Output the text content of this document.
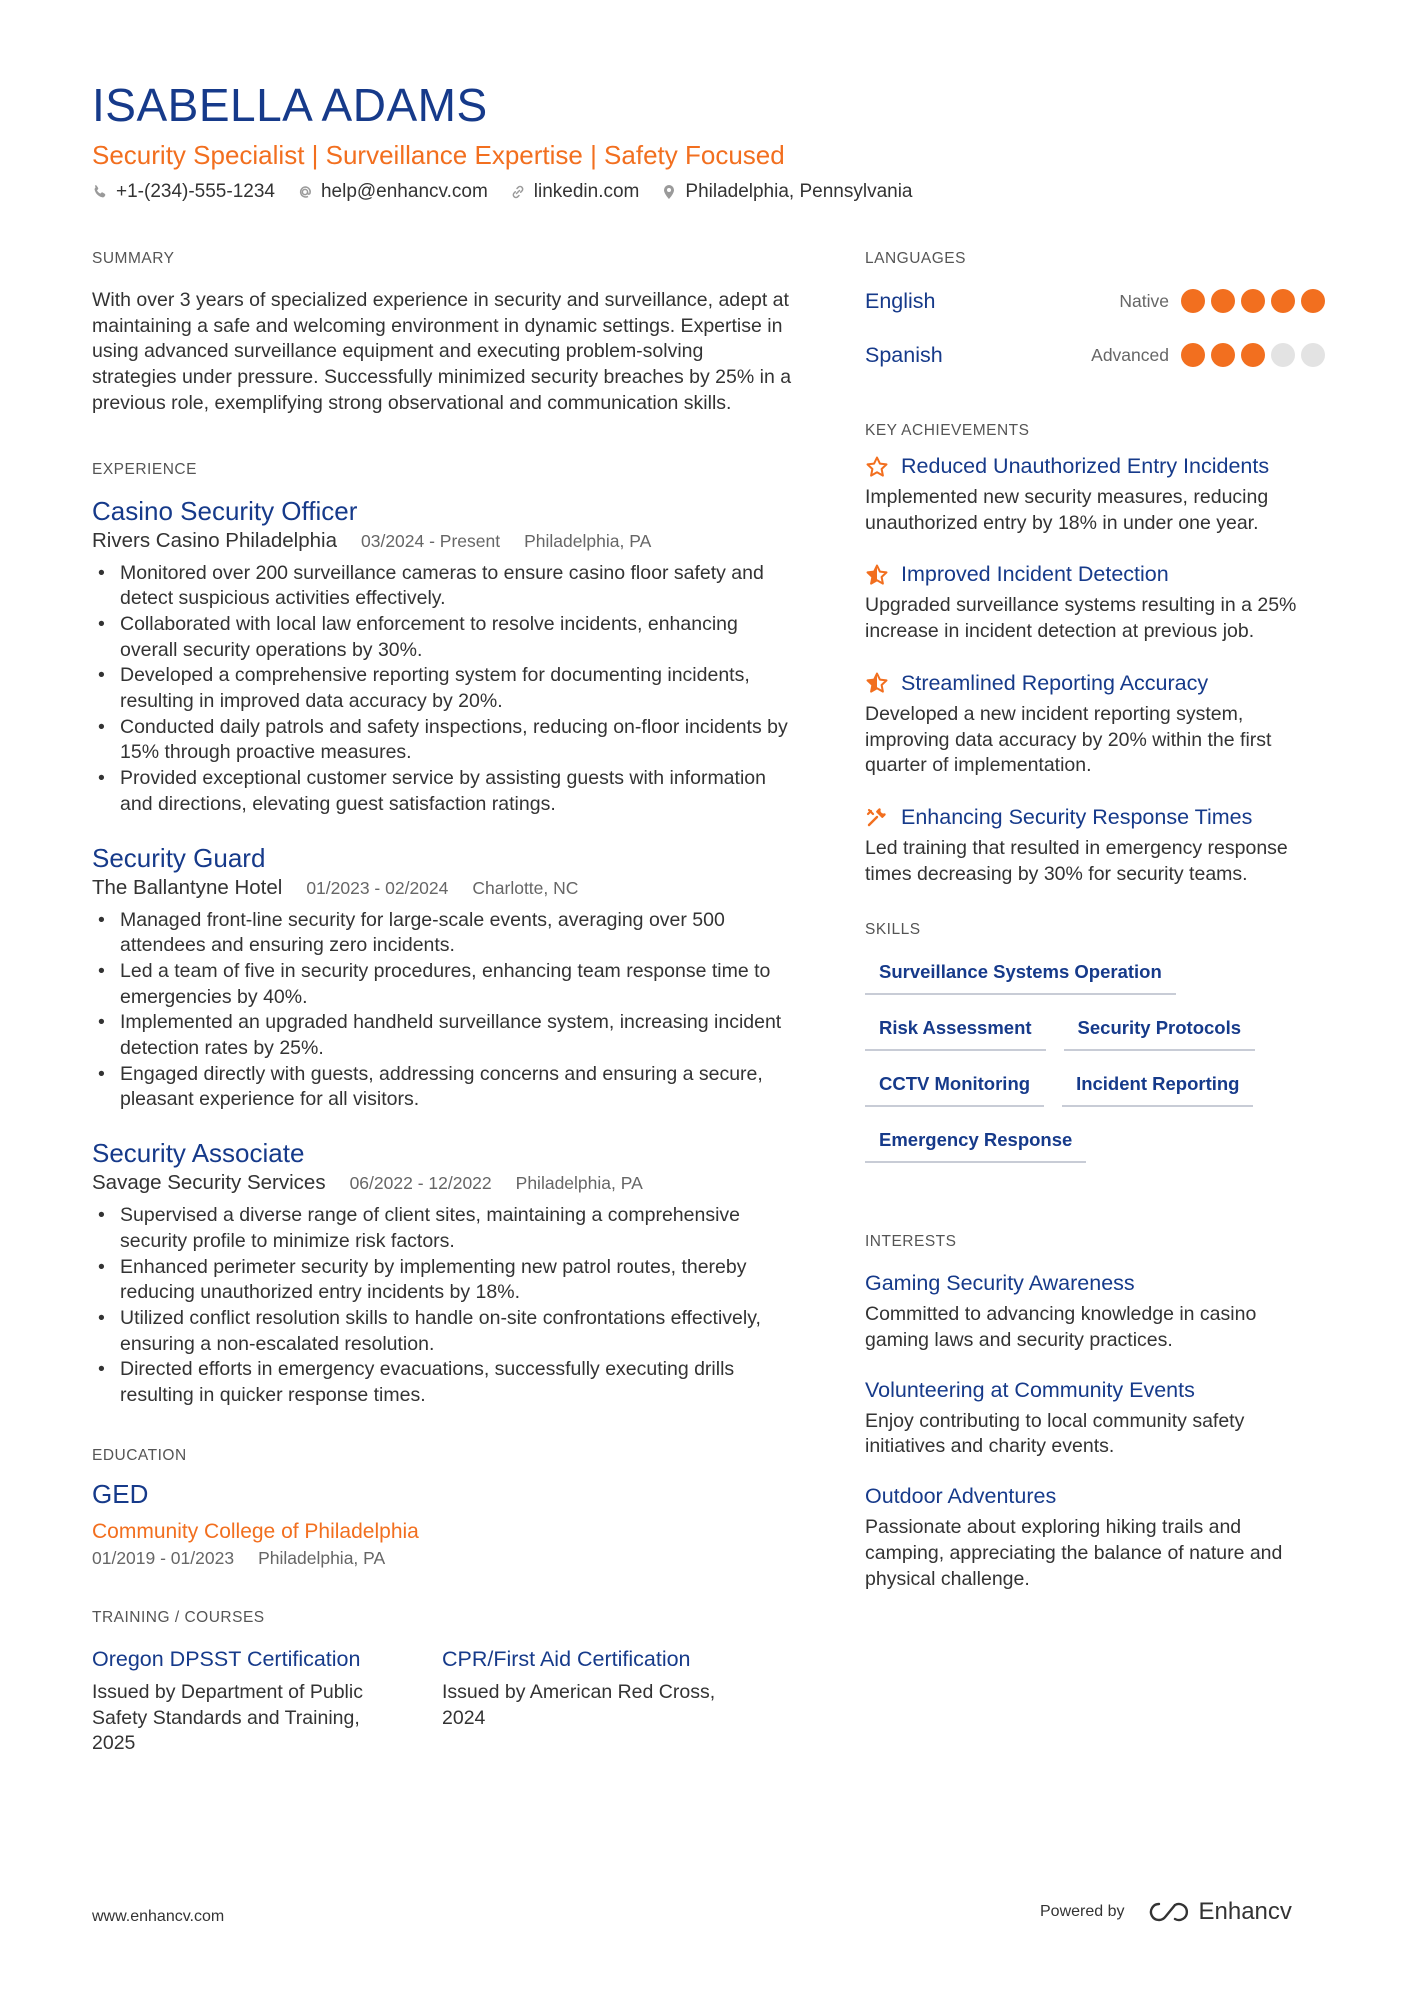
ISABELLA ADAMS
Security Specialist | Surveillance Expertise | Safety Focused
+1-(234)-555-1234 help@enhancv.com linkedin.com Philadelphia, Pennsylvania
SUMMARY

With over 3 years of specialized experience in security and surveillance, adept at maintaining a safe and welcoming environment in dynamic settings. Expertise in using advanced surveillance equipment and executing problem-solving strategies under pressure. Successfully minimized security breaches by 25% in a previous role, exemplifying strong observational and communication skills.

EXPERIENCE
Casino Security Officer
Rivers Casino Philadelphia 03/2024 - Present Philadelphia, PA
• Monitored over 200 surveillance cameras to ensure casino floor safety and detect suspicious activities effectively.
• Collaborated with local law enforcement to resolve incidents, enhancing overall security operations by 30%.
• Developed a comprehensive reporting system for documenting incidents, resulting in improved data accuracy by 20%.
• Conducted daily patrols and safety inspections, reducing on-floor incidents by 15% through proactive measures.
• Provided exceptional customer service by assisting guests with information and directions, elevating guest satisfaction ratings.
Security Guard
The Ballantyne Hotel 01/2023 - 02/2024 Charlotte, NC
• Managed front-line security for large-scale events, averaging over 500 attendees and ensuring zero incidents.
• Led a team of five in security procedures, enhancing team response time to emergencies by 40%.
• Implemented an upgraded handheld surveillance system, increasing incident detection rates by 25%.
• Engaged directly with guests, addressing concerns and ensuring a secure, pleasant experience for all visitors.
Security Associate
Savage Security Services 06/2022 - 12/2022 Philadelphia, PA
• Supervised a diverse range of client sites, maintaining a comprehensive security profile to minimize risk factors.
• Enhanced perimeter security by implementing new patrol routes, thereby reducing unauthorized entry incidents by 18%.
• Utilized conflict resolution skills to handle on-site confrontations effectively, ensuring a non-escalated resolution.
• Directed efforts in emergency evacuations, successfully executing drills resulting in quicker response times.
EDUCATION
GED
Community College of Philadelphia
01/2019 - 01/2023 Philadelphia, PA
TRAINING / COURSES
Oregon DPSST Certification
Issued by Department of Public Safety Standards and Training, 2025
CPR/First Aid Certification
Issued by American Red Cross, 2024
LANGUAGES
English	Native
Spanish	Advanced
KEY ACHIEVEMENTS
Reduced Unauthorized Entry Incidents
Implemented new security measures, reducing unauthorized entry by 18% in under one year.
Improved Incident Detection
Upgraded surveillance systems resulting in a 25% increase in incident detection at previous job.
Streamlined Reporting Accuracy
Developed a new incident reporting system, improving data accuracy by 20% within the first quarter of implementation.
Enhancing Security Response Times
Led training that resulted in emergency response times decreasing by 30% for security teams.
SKILLS
Surveillance Systems Operation
Risk Assessment	Security Protocols
CCTV Monitoring	Incident Reporting
Emergency Response
INTERESTS
Gaming Security Awareness
Committed to advancing knowledge in casino gaming laws and security practices.
Volunteering at Community Events
Enjoy contributing to local community safety initiatives and charity events.
Outdoor Adventures
Passionate about exploring hiking trails and camping, appreciating the balance of nature and physical challenge.
www.enhancv.com	Powered by	Enhancv
